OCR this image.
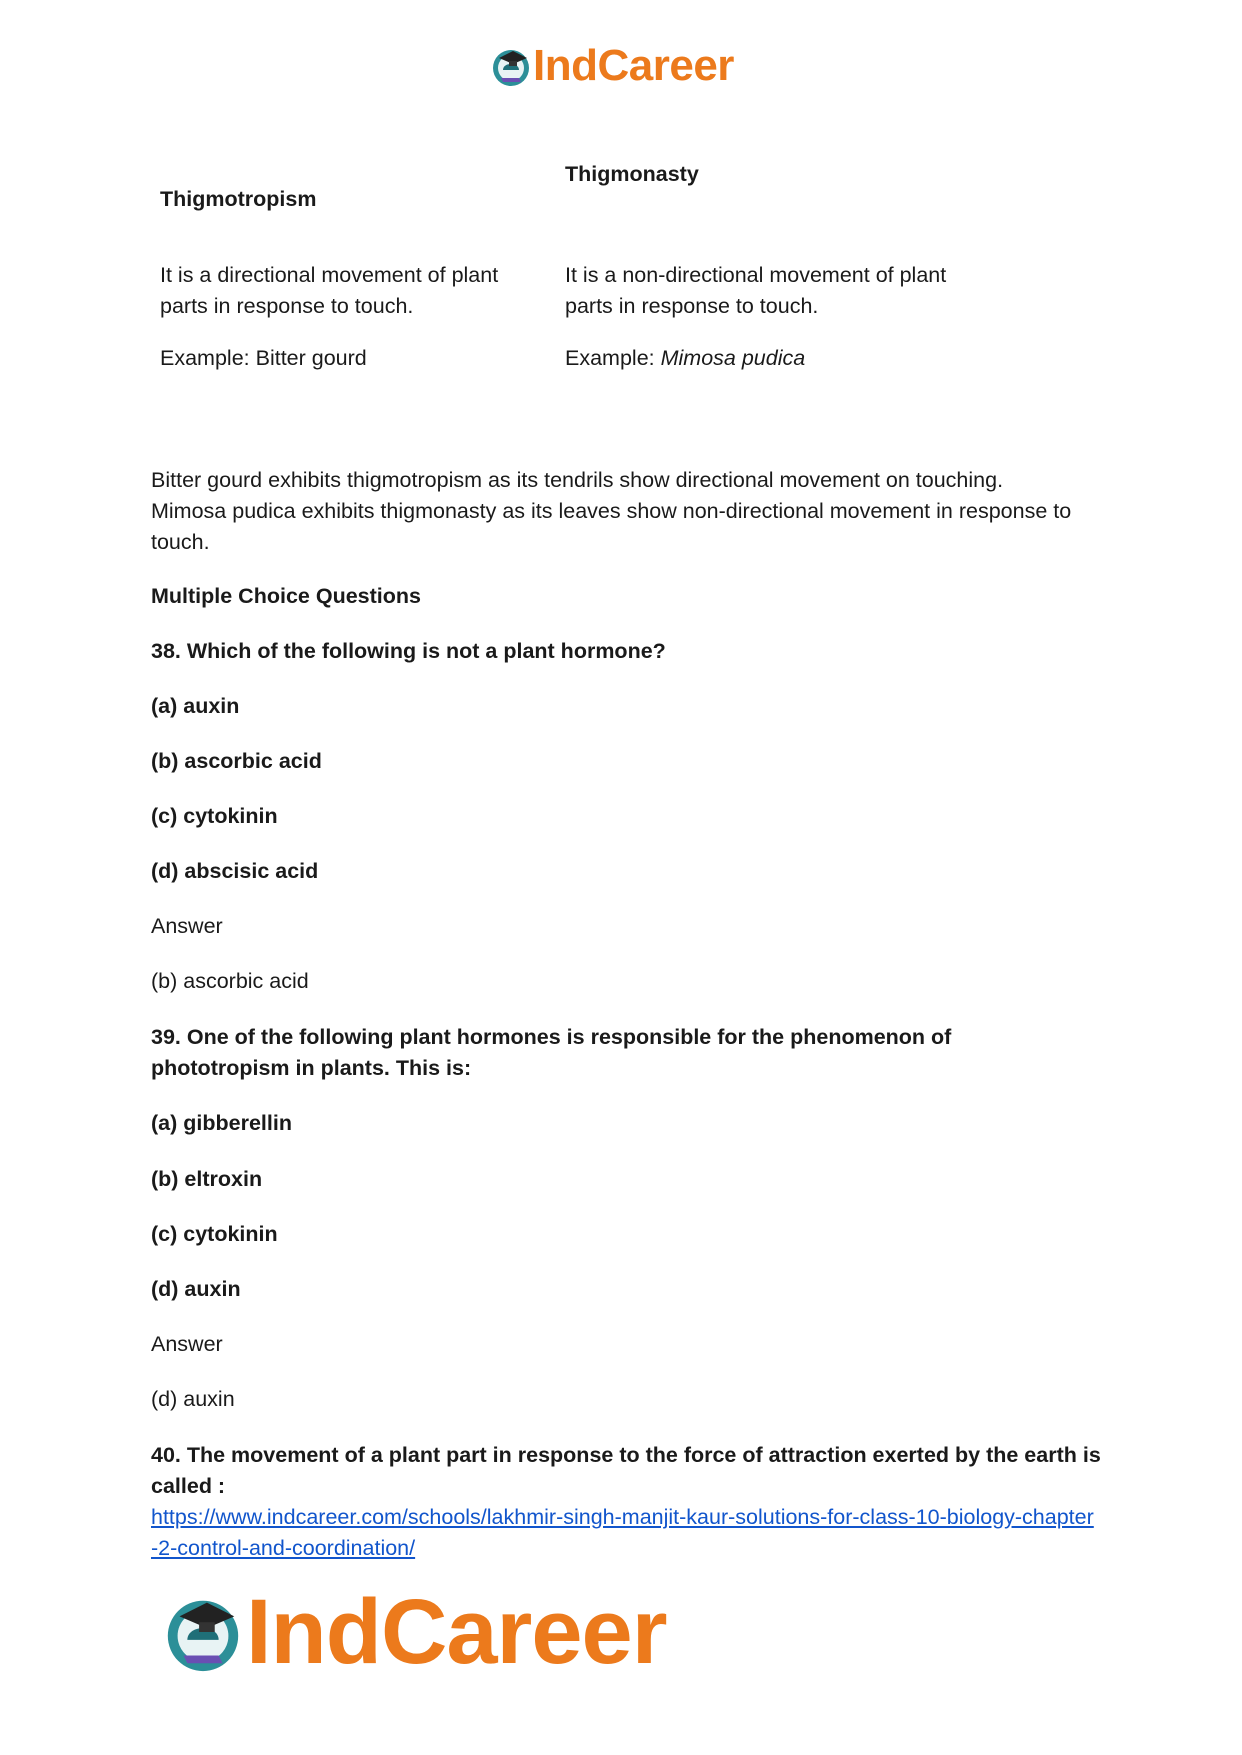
IndCareer
Thigmotropism
Thigmonasty
It is a directional movement of plant parts in response to touch.
It is a non-directional movement of plant parts in response to touch.
Example: Bitter gourd	Example: Mimosa pudica
Bitter gourd exhibits thigmotropism as its tendrils show directional movement on touching. Mimosa pudica exhibits thigmonasty as its leaves show non-directional movement in response to touch.
Multiple Choice Questions
38. Which of the following is not a plant hormone?
(a) auxin
(b) ascorbic acid
(c) cytokinin
(d) abscisic acid
Answer
(b) ascorbic acid
39. One of the following plant hormones is responsible for the phenomenon of phototropism in plants. This is:
(a) gibberellin
(b) eltroxin
(c) cytokinin
(d) auxin
Answer
(d) auxin
40. The movement of a plant part in response to the force of attraction exerted by the earth is called :
https://www.indcareer.com/schools/lakhmir-singh-manjit-kaur-solutions-for-class-10-biology-chapter-2-control-and-coordination/
IndCareer
